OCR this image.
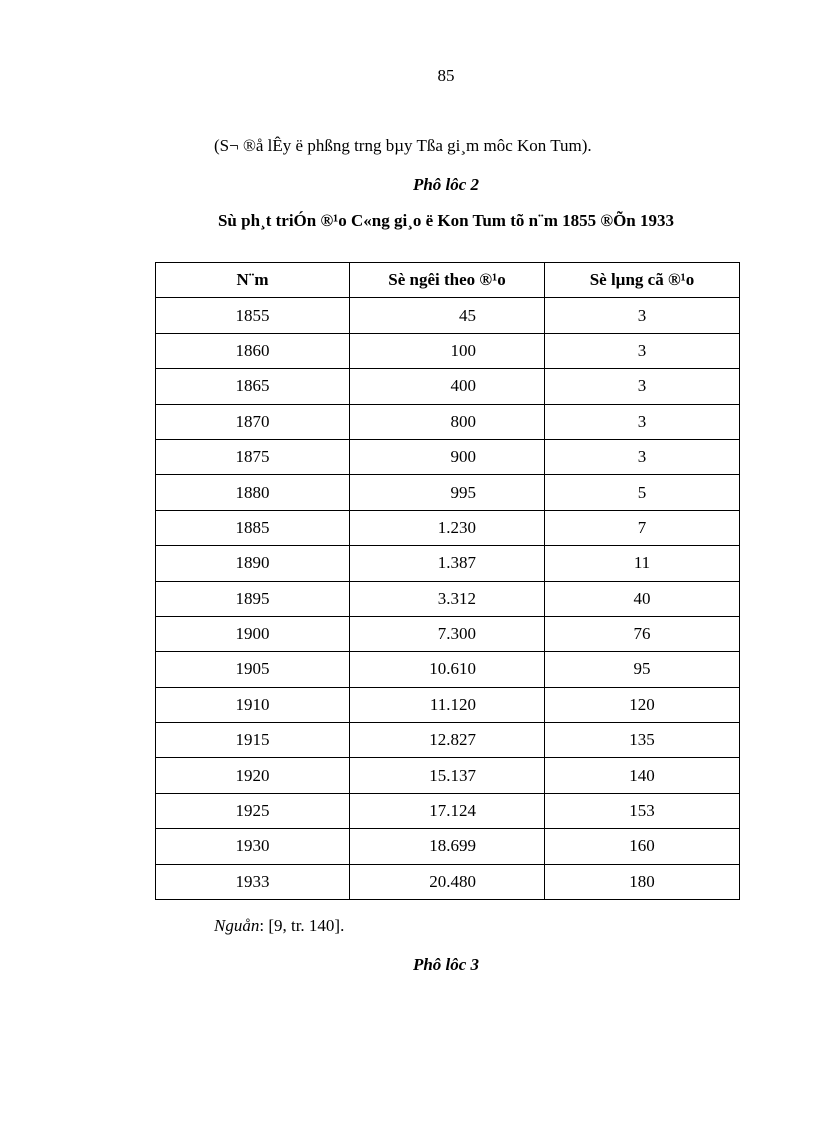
85
(S¬ ®å lÊy ë phßng trng bµy Tßa gi¸m môc Kon Tum).
Phô lôc 2
Sù ph¸t triÓn ®¹o C«ng gi¸o ë Kon Tum tõ n¨m 1855 ®Õn 1933
N¨m	Sè ngêi theo ®¹o	Sè lµng cã ®¹o
1855	45	3
1860	100	3
1865	400	3
1870	800	3
1875	900	3
1880	995	5
1885	1.230	7
1890	1.387	11
1895	3.312	40
1900	7.300	76
1905	10.610	95
1910	11.120	120
1915	12.827	135
1920	15.137	140
1925	17.124	153
1930	18.699	160
1933	20.480	180
Nguån: [9, tr. 140].
Phô lôc 3
